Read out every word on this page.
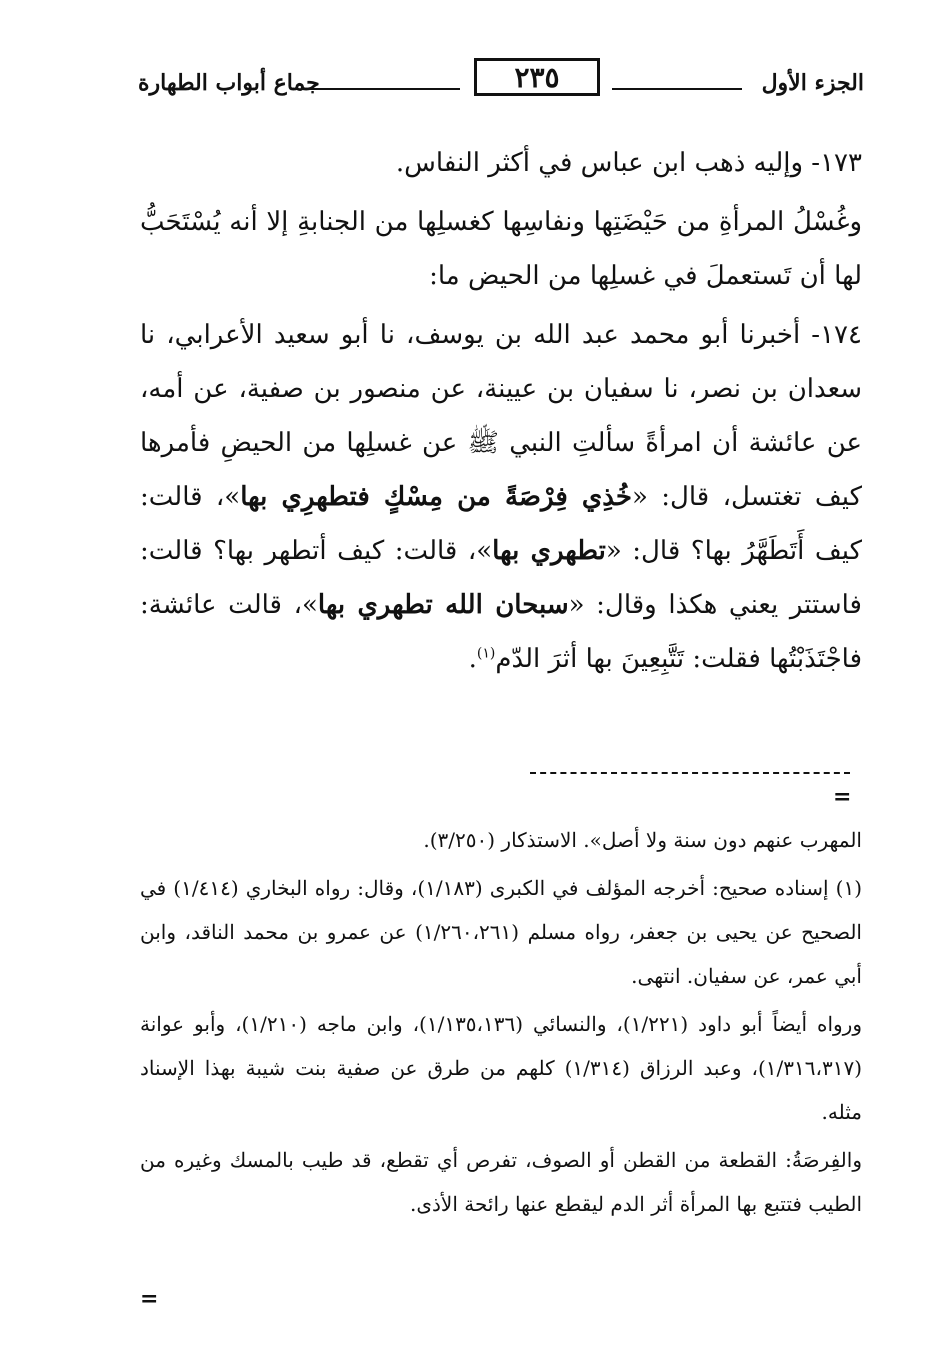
الجزء الأول
٢٣٥
جماع أبواب الطهارة

١٧٣- وإليه ذهب ابن عباس في أكثر النفاس.

وغُسْلُ المرأةِ من حَيْضَتِها ونفاسِها كغسلِها من الجنابةِ إلا أنه يُسْتَحَبُّ لها أن تَستعملَ في غسلِها من الحيض ما:

١٧٤- أخبرنا أبو محمد عبد الله بن يوسف، نا أبو سعيد الأعرابي، نا سعدان بن نصر، نا سفيان بن عيينة، عن منصور بن صفية، عن أمه، عن عائشة أن امرأةً سألتِ النبي ﷺ عن غسلِها من الحيضِ فأمرها كيف تغتسل، قال: «خُذِي فِرْصَةً من مِسْكٍ فتطهرِي بها»، قالت: كيف أَتَطَهَّرُ بها؟ قال: «تطهري بها»، قالت: كيف أتطهر بها؟ قالت: فاستتر يعني هكذا وقال: «سبحان الله تطهري بها»، قالت عائشة: فاجْتَذَبْتُها فقلت: تَتَّبِعِينَ بها أثرَ الدّم$^{(١)}$.

=

المهرب عنهم دون سنة ولا أصل». الاستذكار (٣/٢٥٠).

(١) إسناده صحيح: أخرجه المؤلف في الكبرى (١/١٨٣)، وقال: رواه البخاري (١/٤١٤) في الصحيح عن يحيى بن جعفر، رواه مسلم (١/٢٦٠،٢٦١) عن عمرو بن محمد الناقد، وابن أبي عمر، عن سفيان. انتهى.

ورواه أيضاً أبو داود (١/٢٢١)، والنسائي (١/١٣٥،١٣٦)، وابن ماجه (١/٢١٠)، وأبو عوانة (١/٣١٦،٣١٧)، وعبد الرزاق (١/٣١٤) كلهم من طرق عن صفية بنت شيبة بهذا الإسناد مثله.

والفِرصَةُ: القطعة من القطن أو الصوف، تفرص أي تقطع، قد طيب بالمسك وغيره من الطيب فتتبع بها المرأة أثر الدم ليقطع عنها رائحة الأذى.

=
